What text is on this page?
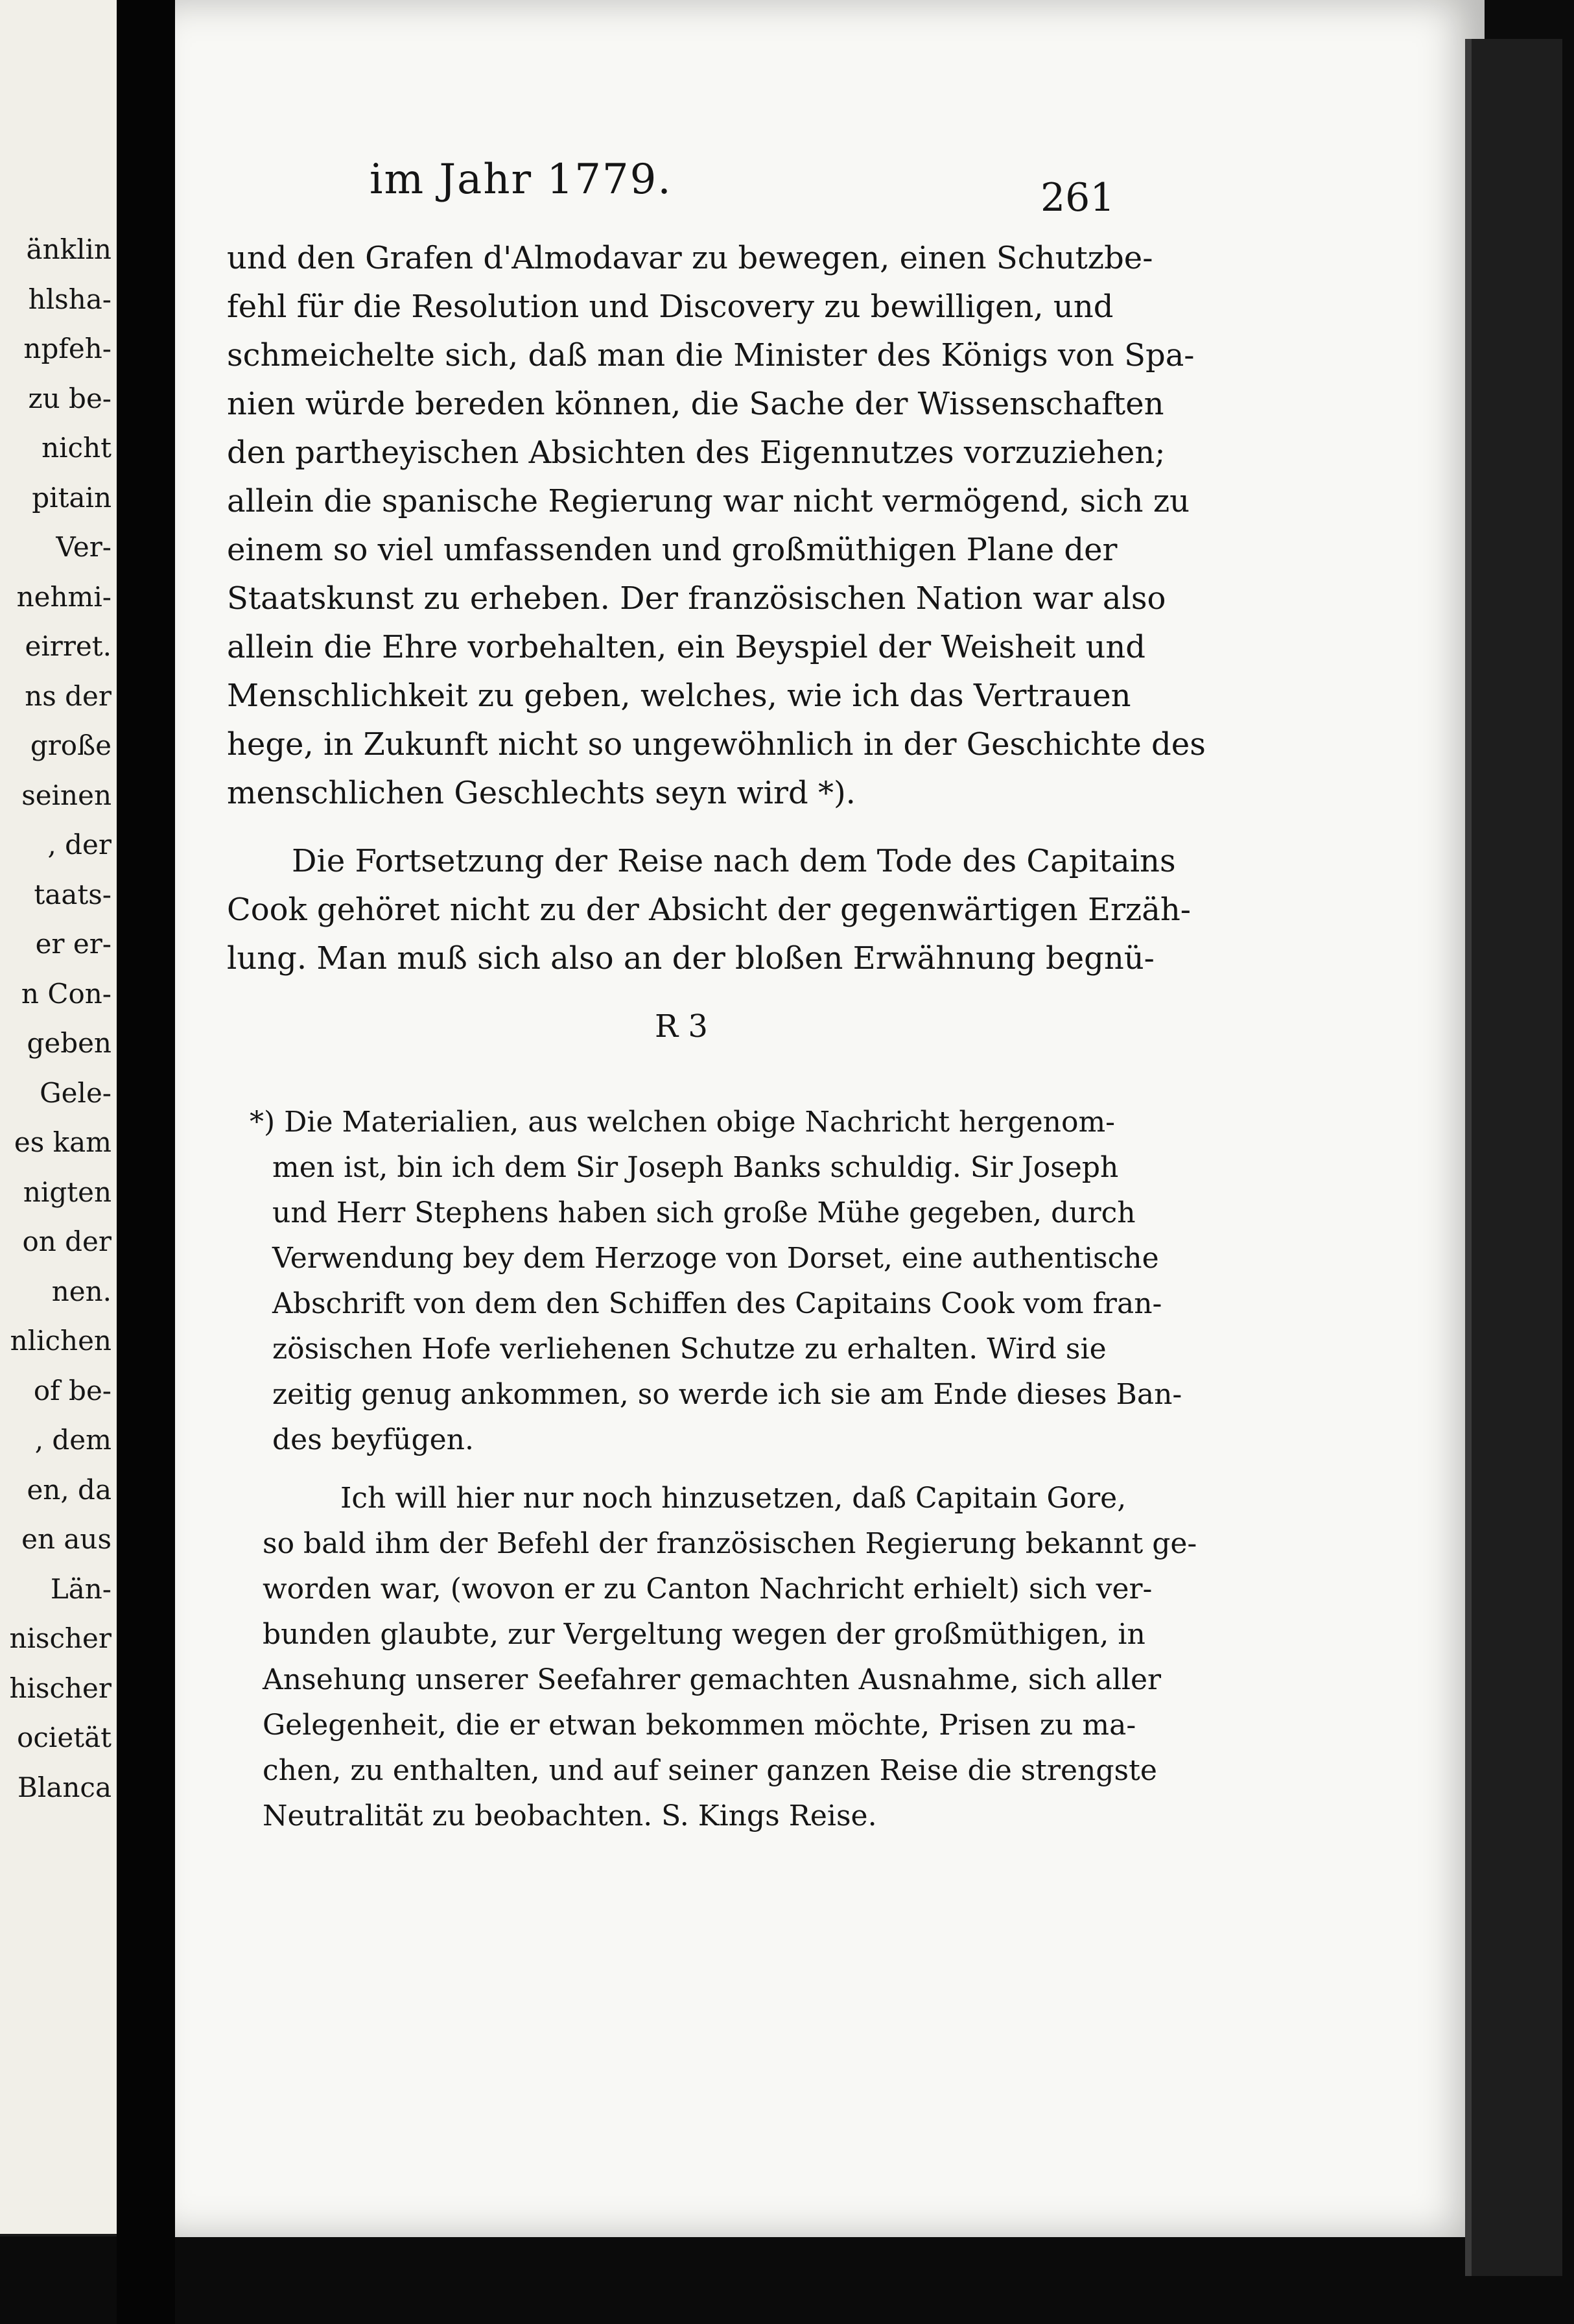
änklin
hlsha-
npfeh-
zu be-
nicht
pitain
Ver-
nehmi-
eirret.
ns der
große
seinen
, der
taats-
er er-
n Con-
geben
Gele-
es kam
nigten
on der
nen.
nlichen
of be-
, dem
en, da
en aus
Län-
nischer
hischer
ocietät
Blanca
im Jahr 1779.	261
und den Grafen d'Almodavar zu bewegen, einen Schutzbe-
fehl für die Resolution und Discovery zu bewilligen, und
schmeichelte sich, daß man die Minister des Königs von Spa-
nien würde bereden können, die Sache der Wissenschaften
den partheyischen Absichten des Eigennutzes vorzuziehen;
allein die spanische Regierung war nicht vermögend, sich zu
einem so viel umfassenden und großmüthigen Plane der
Staatskunst zu erheben. Der französischen Nation war also
allein die Ehre vorbehalten, ein Beyspiel der Weisheit und
Menschlichkeit zu geben, welches, wie ich das Vertrauen
hege, in Zukunft nicht so ungewöhnlich in der Geschichte des
menschlichen Geschlechts seyn wird *).
Die Fortsetzung der Reise nach dem Tode des Capitains
Cook gehöret nicht zu der Absicht der gegenwärtigen Erzäh-
lung. Man muß sich also an der bloßen Erwähnung begnü-
R 3
*) Die Materialien, aus welchen obige Nachricht hergenom-
men ist, bin ich dem Sir Joseph Banks schuldig. Sir Joseph
und Herr Stephens haben sich große Mühe gegeben, durch
Verwendung bey dem Herzoge von Dorset, eine authentische
Abschrift von dem den Schiffen des Capitains Cook vom fran-
zösischen Hofe verliehenen Schutze zu erhalten. Wird sie
zeitig genug ankommen, so werde ich sie am Ende dieses Ban-
des beyfügen.
Ich will hier nur noch hinzusetzen, daß Capitain Gore,
so bald ihm der Befehl der französischen Regierung bekannt ge-
worden war, (wovon er zu Canton Nachricht erhielt) sich ver-
bunden glaubte, zur Vergeltung wegen der großmüthigen, in
Ansehung unserer Seefahrer gemachten Ausnahme, sich aller
Gelegenheit, die er etwan bekommen möchte, Prisen zu ma-
chen, zu enthalten, und auf seiner ganzen Reise die strengste
Neutralität zu beobachten. S. Kings Reise.
